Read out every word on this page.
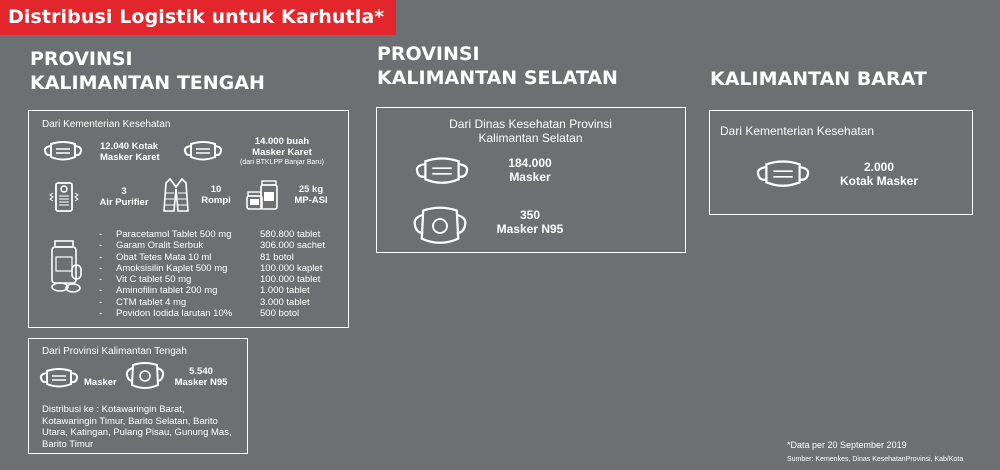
Distribusi Logistik untuk Karhutla*
PROVINSI
KALIMANTAN TENGAH
Dari Kementerian Kesehatan
12.040 Kotak
Masker Karet
14.000 buah
Masker Karet
(dari BTKLPP Banjar Baru)
3
Air Purifier
10
Rompi
25 kg
MP-ASI
-	Paracetamol Tablet 500 mg	580.800 tablet
-	Garam Oralit Serbuk	306.000 sachet
-	Obat Tetes Mata 10 ml	81 botol
-	Amoksisilin Kaplet 500 mg	100.000 kaplet
-	Vit C tablet 50 mg	100.000 tablet
-	Aminofilin tablet 200 mg	1.000 tablet
-	CTM tablet 4 mg	3.000 tablet
-	Povidon Iodida larutan 10%	500 botol
Dari Provinsi Kalimantan Tengah
Masker
5.540
Masker N95
Distribusi ke : Kotawaringin Barat,
Kotawaringin Timur, Barito Selatan, Barito
Utara, Katingan, Pulang Pisau, Gunung Mas,
Barito Timur
PROVINSI
KALIMANTAN SELATAN
Dari Dinas Kesehatan Provinsi
Kalimantan Selatan
184.000
Masker
350
Masker N95
KALIMANTAN BARAT
Dari Kementerian Kesehatan
2.000
Kotak Masker
*Data per 20 September 2019
Sumber: Kemenkes, Dinas KesehatanProvinsi, Kab/Kota
